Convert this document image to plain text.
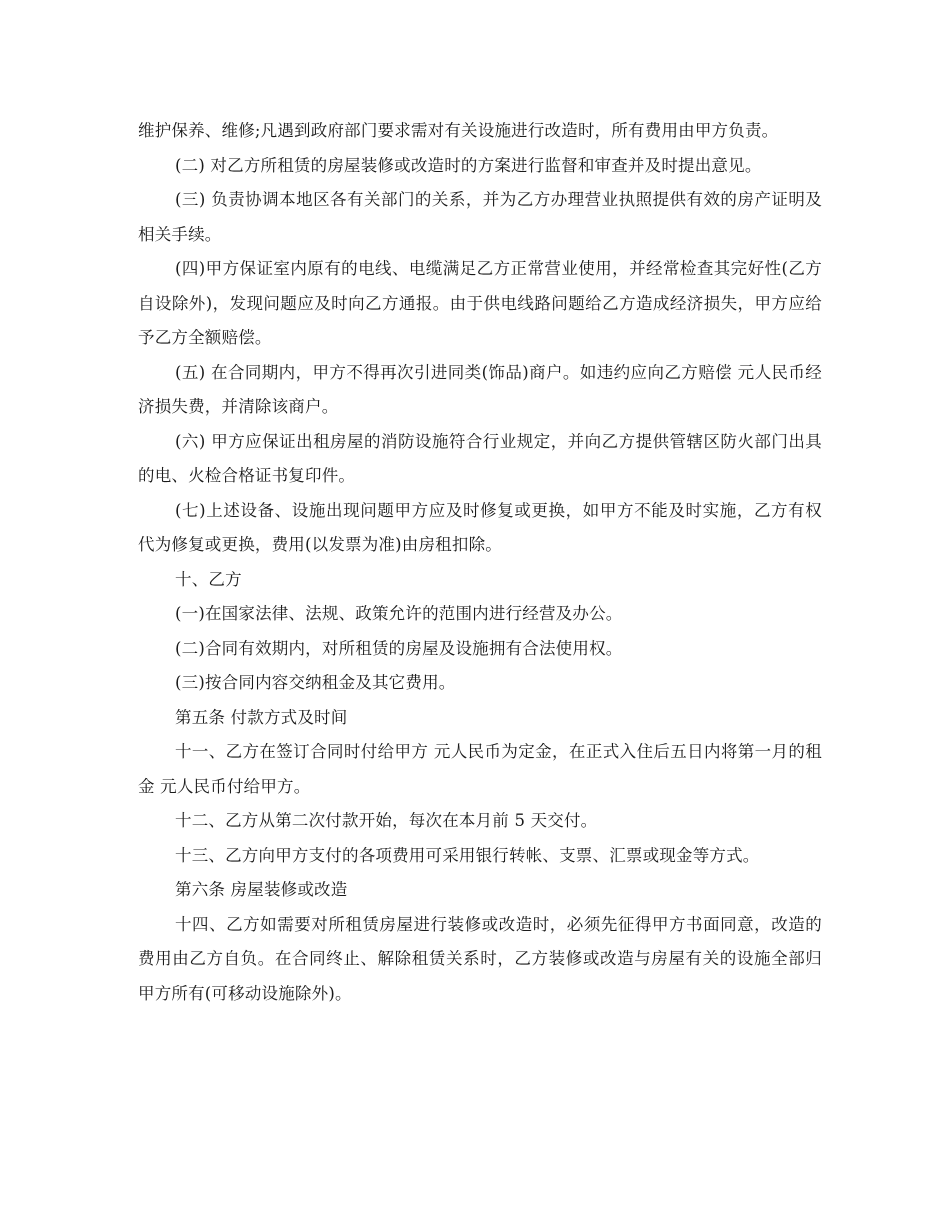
维护保养、维修;凡遇到政府部门要求需对有关设施进行改造时，所有费用由甲方负责。

(二) 对乙方所租赁的房屋装修或改造时的方案进行监督和审查并及时提出意见。

(三) 负责协调本地区各有关部门的关系，并为乙方办理营业执照提供有效的房产证明及相关手续。

(四)甲方保证室内原有的电线、电缆满足乙方正常营业使用，并经常检查其完好性(乙方自设除外)，发现问题应及时向乙方通报。由于供电线路问题给乙方造成经济损失，甲方应给予乙方全额赔偿。

(五) 在合同期内，甲方不得再次引进同类(饰品)商户。如违约应向乙方赔偿 元人民币经济损失费，并清除该商户。

(六) 甲方应保证出租房屋的消防设施符合行业规定，并向乙方提供管辖区防火部门出具的电、火检合格证书复印件。

(七)上述设备、设施出现问题甲方应及时修复或更换，如甲方不能及时实施，乙方有权代为修复或更换，费用(以发票为准)由房租扣除。

十、乙方

(一)在国家法律、法规、政策允许的范围内进行经营及办公。

(二)合同有效期内，对所租赁的房屋及设施拥有合法使用权。

(三)按合同内容交纳租金及其它费用。

第五条 付款方式及时间

十一、乙方在签订合同时付给甲方 元人民币为定金，在正式入住后五日内将第一月的租金 元人民币付给甲方。

十二、乙方从第二次付款开始，每次在本月前 5 天交付。

十三、乙方向甲方支付的各项费用可采用银行转帐、支票、汇票或现金等方式。

第六条 房屋装修或改造

十四、乙方如需要对所租赁房屋进行装修或改造时，必须先征得甲方书面同意，改造的费用由乙方自负。在合同终止、解除租赁关系时，乙方装修或改造与房屋有关的设施全部归甲方所有(可移动设施除外)。
